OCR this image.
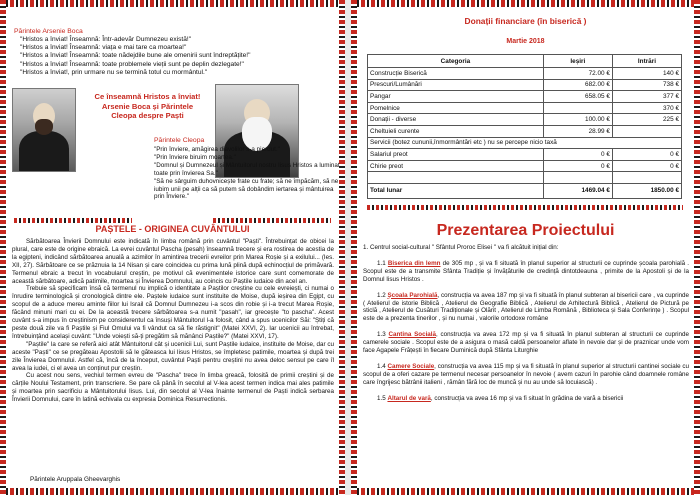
Părintele Arsenie Boca
"Hristos a înviat! Înseamnă: Într-adevăr Dumnezeu există!"
"Hristos a înviat! Înseamnă: viața e mai tare ca moartea!"
"Hristos a înviat! Înseamnă: toate nădejdile bune ale omenirii sunt îndreptățite!"
"Hristos a înviat! Înseamnă: toate problemele vieții sunt pe deplin dezlegate!"
"Hristos a înviat!, prin urmare nu se termină totul cu mormântul."
Ce înseamnă Hristos a înviat!
Arsenie Boca și Părintele
Cleopa despre Paști
Părintele Cleopa
"Prin înviere, amăgirea diavolilor s-a pierdut."
"Prin înviere biruim moartea."
"Domnul și Dumnezeul și Mântuitorul nostru Iisus Hristos a luminat toate prin învierea Sa."
"Să ne sârguim duhovnicește frate cu frate; să ne împăcăm, să ne iubim unii pe alții ca să putem să dobândim iertarea și mântuirea prin Înviere."
PAȘTELE - ORIGINEA CUVÂNTULUI

Sărbătoarea Învierii Domnului este indicată în limba română prin cuvântul "Paști". Întrebuințat de obicei la plural, care este de origine ebraică. La evrei cuvântul Pascha (pesah) înseamnă trecere și era rostirea de acestia de la egipteni, indicând sărbătoarea anuală a azimilor în amintirea trecerii evreilor prin Marea Roșie și a exilului... (Ies. XII, 27). Sărbătoare ce se prăznuia la 14 Nisan și care coincidea cu prima lună plină după echinocțiul de primăvară. Termenul ebraic a trecut în vocabularul creștin, pe motivul că evenimentele istorice care sunt comemorate de aceastǎ sărbǎtoare, adică patimile, moartea și Învierea Domnului, au coincis cu Paștile iudaice din acel an.

Trebuie să specificam însă că termenul nu implică o identitate a Paștilor creștine cu cele evreiești, ci numai o înrudire terminologică și cronologică dintre ele. Paștele iudaice sunt instituite de Moise, după ieșirea din Egipt, cu scopul de a aduce mereu aminte fiilor lui Israil că Domnul Dumnezeu i-a scos din robie și i-a trecut Marea Roșie, făcând minuni mari cu ei. De la această trecere sărbătoarea s-a numit "pasah", iar grecește "to pascha". Acest cuvânt s-a impus în creștinism pe considerentul ca însuși Mântuitorul l-a folosit, când a spus ucenicilor Săi: "Știți că peste două zile va fi Paștile și Fiul Omului va fi vândut ca să fie răstignit" (Matei XXVI, 2). Iar ucenicii au întrebat, întrebuințând același cuvânt: "Unde voiești să-ți pregătim să mănânci Paștile?" (Matei XXVI, 17).

"Paștile" la care se referă aici atât Mântuitorul cât și ucenicii Lui, sunt Paștile iudaice, instituite de Moise, dar cu aceste "Paști" ce se pregăteau Apostolii să le găteasca lui Iisus Hristos, se împletesc patimile, moartea și după trei zile Învierea Domnului. Astfel că, încă de la început, cuvântul Paști pentru creștini nu avea deloc sensul pe care îl avea la iudei, ci el avea un conținut pur creștin.

Cu acest nou sens, vechiul termen evreu de "Pascha" trece în limba greacă, folosită de primii creștini și de cărțile Noului Testament, prin transcriere. Se pare că până în secolul al V-lea acest termen indica mai ales patimile și moartea prin sacrificiu a Mântuitorului Iisus. Lui, din secolul al V-lea înainte termenul de Paști indică serbarea Învierii Domnului, care în latină echivala cu expresia Dominica Resurrectionis.

Părintele Aruppala Gheevarghis
Donații financiare (în biserică )
Martie 2018
Categoria	Ieșiri	Intrări
Construcție Biserică	72.00 €	140 €
Prescuri/Lumânări	682.00 €	738 €
Pangar	658.05 €	377 €
Pomelnice		370 €
Donații - diverse	100.00 €	225 €
Cheltuieli curente	28.99 €	
Servicii (botez cununii,înmormântări etc ) nu se percepe nicio taxă		
Salariul preot	0 €	0 €
Chirie preot	0 €	0 €

Total lunar	1469.04 €	1850.00 €
Prezentarea Proiectului

1. Centrul social-cultural " Sfântul Proroc Elisei " va fi alcătuit inițial din:

1.1 Biserica din lemn de 305 mp , și va fi situată în planul superior al structurii ce cuprinde școala parohială . Scopul este de a transmite Sfânta Tradiție și învățăturile de credință dintotdeauna , primite de la Apostoli și de la Domnul Iisus Hristos .

1.2 Școala Parohială, construcția va avea 187 mp și va fi situată în planul subteran al bisericii care , va cuprinde ( Atelierul de istorie Biblică , Atelierul de Geografie Biblică , Atelierul de Arhitectură Biblică , Atelierul de Pictură pe sticlă , Atelierul de Cusături Tradiționale și Olărit , Atelierul de Limba Română , Biblioteca și Sala Conferințe ) . Scopul este de a prezenta tinerilor , și nu numai , valorile ortodoxe române

1.3 Cantina Socială, construcția va avea 172 mp și va fi situată în planul subteran al structurii ce cuprinde camerele sociale . Scopul este de a asigura o masă caldă persoanelor aflate în nevoie dar și de praznicar unde vom face Agapele Frățești în fiecare Duminică după Sfânta Liturghie

1.4 Camere Sociale, construcția va avea 115 mp și va fi situată în planul superior al structurii cantinei sociale cu scopul de a oferi cazare pe termenul necesar persoanelor în nevoie ( avem cazuri în parohie când doamnele române care îngrijesc bătrânii italieni , rămân fără loc de muncă și nu au unde să locuiască) .

1.5 Altarul de vară, construcția va avea 16 mp și va fi situat în grădina de vară a bisericii
